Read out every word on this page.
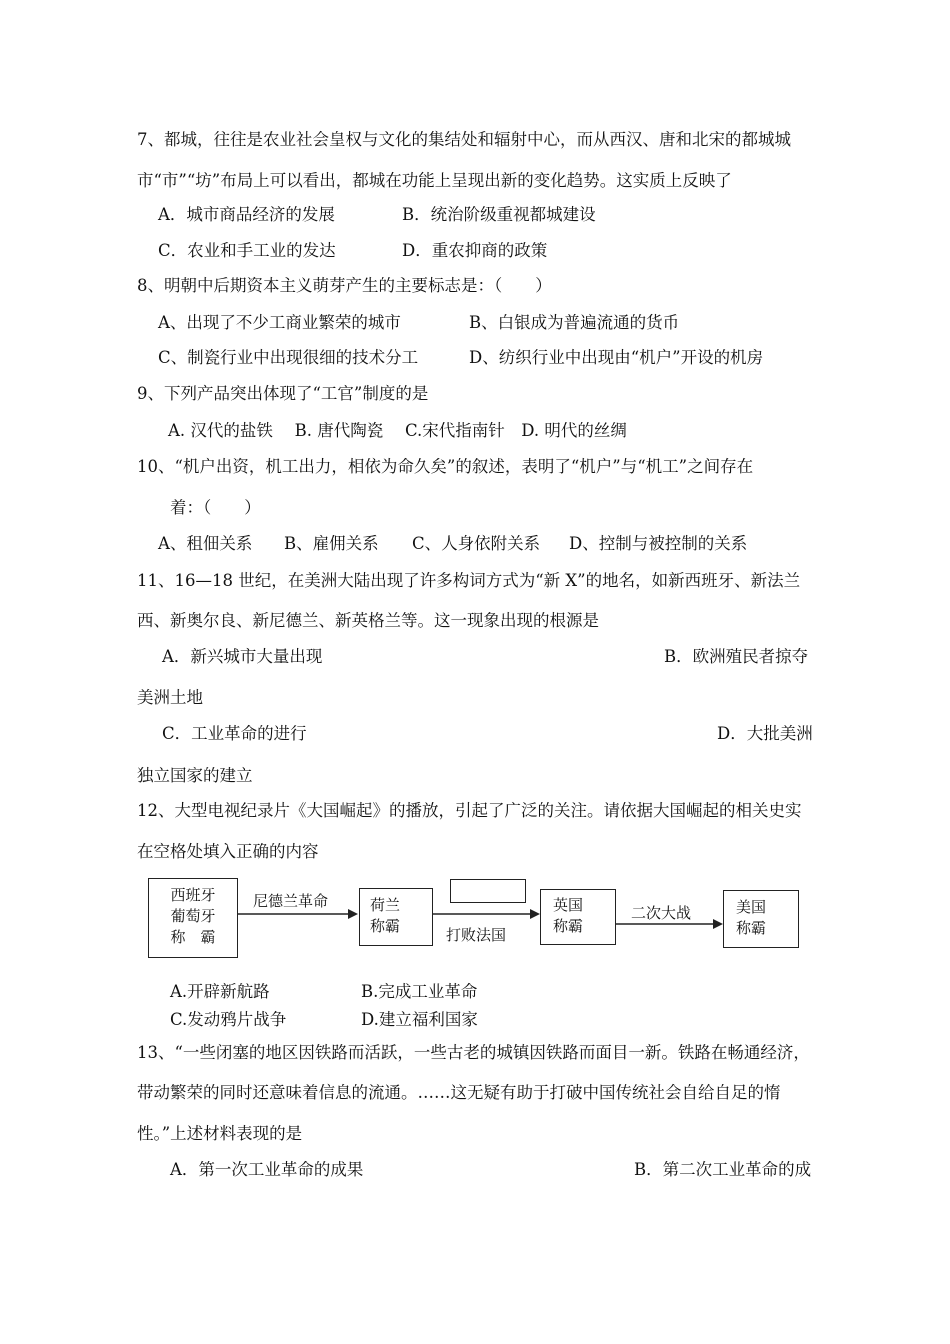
7、都城，往往是农业社会皇权与文化的集结处和辐射中心，而从西汉、唐和北宋的都城城
市“市”“坊”布局上可以看出，都城在功能上呈现出新的变化趋势。这实质上反映了
A．城市商品经济的发展	B．统治阶级重视都城建设
C．农业和手工业的发达	D．重农抑商的政策
8、明朝中后期资本主义萌芽产生的主要标志是：（　　）
A、出现了不少工商业繁荣的城市	B、白银成为普遍流通的货币
C、制瓷行业中出现很细的技术分工	D、纺织行业中出现由“机户”开设的机房
9、下列产品突出体现了“工官”制度的是
A. 汉代的盐铁　 B. 唐代陶瓷　 C.宋代指南针　D. 明代的丝绸
10、“机户出资，机工出力，相依为命久矣”的叙述，表明了“机户”与“机工”之间存在
着：（　　）
A、租佃关系 B、雇佣关系 C、人身依附关系 D、控制与被控制的关系
11、16—18 世纪，在美洲大陆出现了许多构词方式为“新 X”的地名，如新西班牙、新法兰
西、新奥尔良、新尼德兰、新英格兰等。这一现象出现的根源是
A．新兴城市大量出现	B．欧洲殖民者掠夺
美洲土地
C．工业革命的进行	D．大批美洲
独立国家的建立
12、大型电视纪录片《大国崛起》的播放，引起了广泛的关注。请依据大国崛起的相关史实
在空格处填入正确的内容
西班牙
葡萄牙
称　霸
尼德兰革命	荷兰
称霸	打败法国
英国
称霸
二次大战	美国
称霸
A.开辟新航路	B.完成工业革命
C.发动鸦片战争	D.建立福利国家
13、“一些闭塞的地区因铁路而活跃，一些古老的城镇因铁路而面目一新。铁路在畅通经济，
带动繁荣的同时还意味着信息的流通。……这无疑有助于打破中国传统社会自给自足的惰
性。”上述材料表现的是
A．第一次工业革命的成果	B．第二次工业革命的成
